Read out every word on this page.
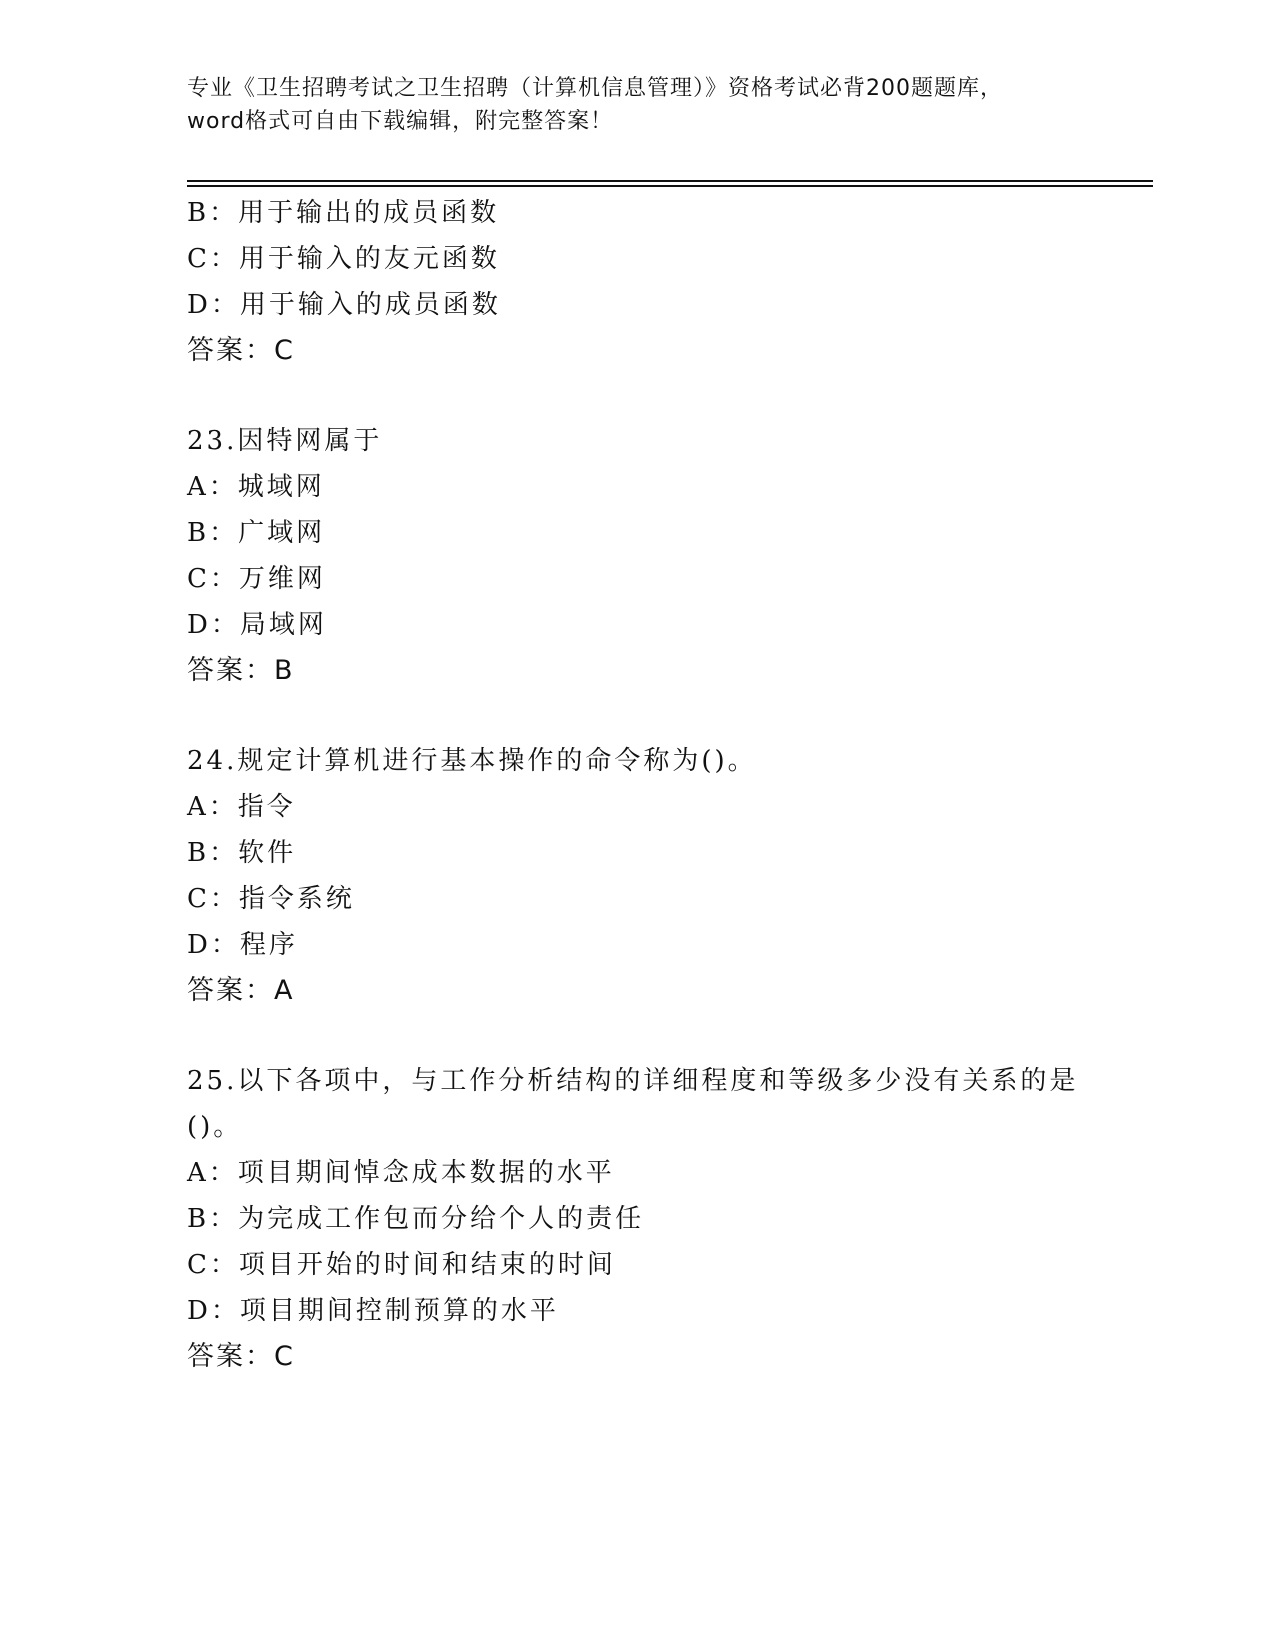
专业《卫生招聘考试之卫生招聘（计算机信息管理）》资格考试必背200题题库，
word格式可自由下载编辑，附完整答案！
B：用于输出的成员函数
C：用于输入的友元函数
D：用于输入的成员函数
答案：C
23.因特网属于
A：城域网
B：广域网
C：万维网
D：局域网
答案：B
24.规定计算机进行基本操作的命令称为()。
A：指令
B：软件
C：指令系统
D：程序
答案：A
25.以下各项中，与工作分析结构的详细程度和等级多少没有关系的是
()。
A：项目期间悼念成本数据的水平
B：为完成工作包而分给个人的责任
C：项目开始的时间和结束的时间
D：项目期间控制预算的水平
答案：C
